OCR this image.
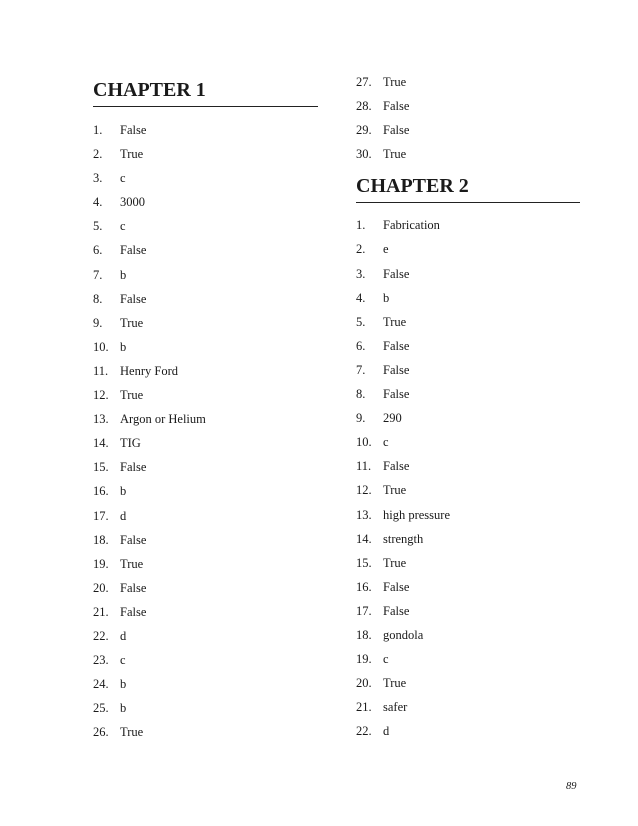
CHAPTER 1
1.	False
2.	True
3.	c
4.	3000
5.	c
6.	False
7.	b
8.	False
9.	True
10. b
11. Henry Ford
12. True
13. Argon or Helium
14. TIG
15. False
16. b
17. d
18. False
19. True
20. False
21. False
22. d
23. c
24. b
25. b
26. True
27. True
28. False
29. False
30. True
CHAPTER 2
1.	Fabrication
2.	e
3.	False
4.	b
5.	True
6.	False
7.	False
8.	False
9.	290
10. c
11. False
12. True
13. high pressure
14. strength
15. True
16. False
17. False
18. gondola
19. c
20. True
21. safer
22. d
89
